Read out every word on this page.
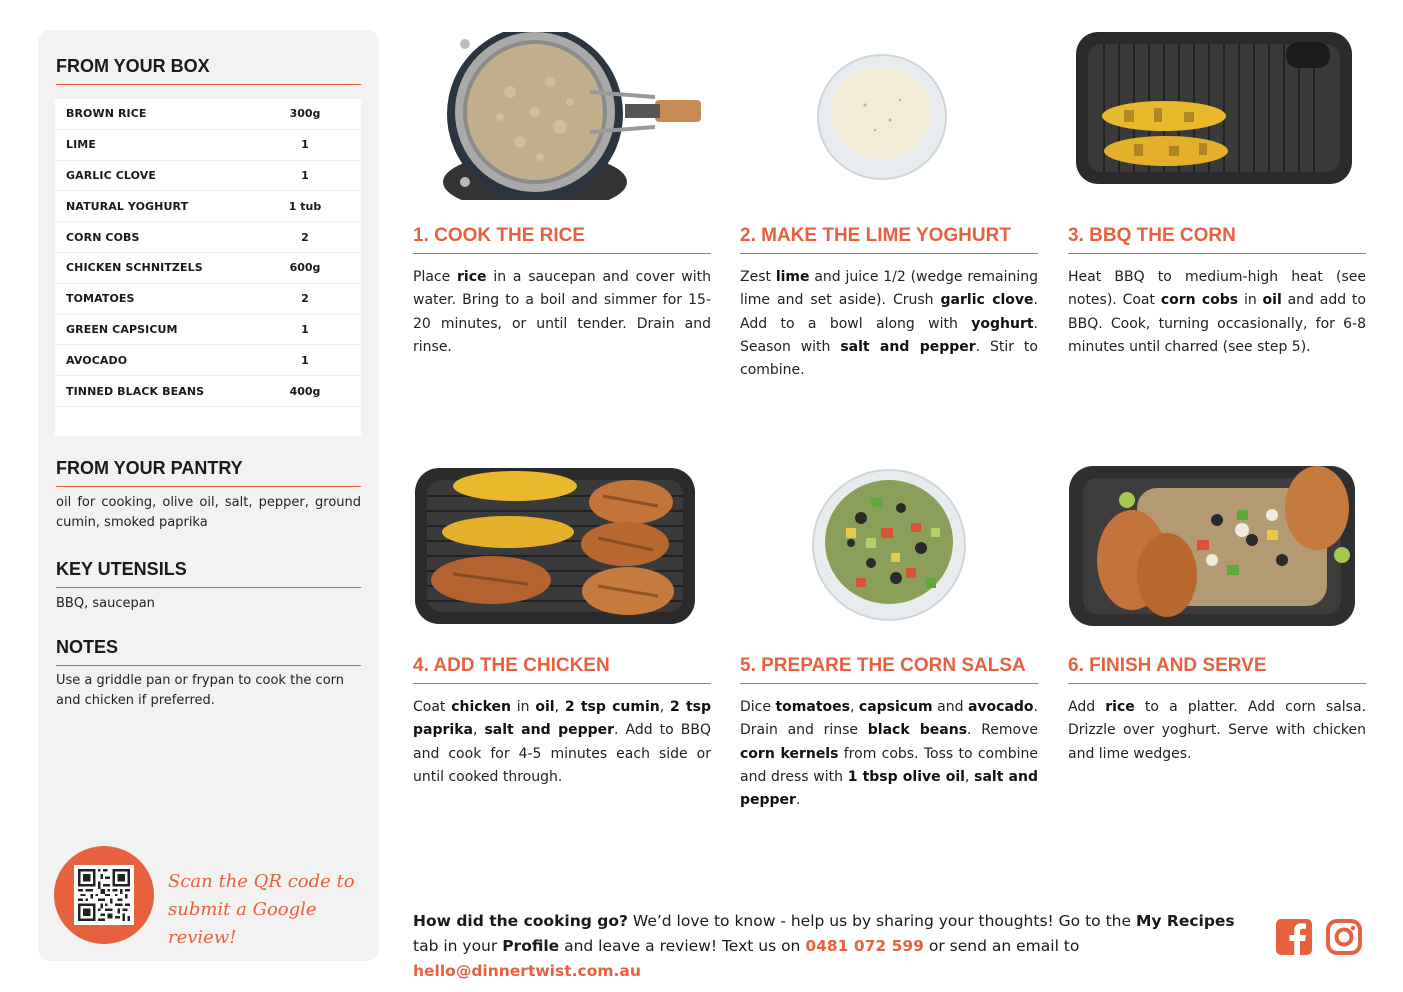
FROM YOUR BOX
BROWN RICE	300g
LIME	1
GARLIC CLOVE	1
NATURAL YOGHURT	1 tub
CORN COBS	2
CHICKEN SCHNITZELS	600g
TOMATOES	2
GREEN CAPSICUM	1
AVOCADO	1
TINNED BLACK BEANS	400g
FROM YOUR PANTRY
oil for cooking, olive oil, salt, pepper, ground cumin, smoked paprika
KEY UTENSILS
BBQ, saucepan
NOTES
Use a griddle pan or frypan to cook the corn and chicken if preferred.
Scan the QR code to submit a Google review!
1. COOK THE RICE
Place rice in a saucepan and cover with water. Bring to a boil and simmer for 15-20 minutes, or until tender. Drain and rinse.
2. MAKE THE LIME YOGHURT
Zest lime and juice 1/2 (wedge remaining lime and set aside). Crush garlic clove. Add to a bowl along with yoghurt. Season with salt and pepper. Stir to combine.
3. BBQ THE CORN
Heat BBQ to medium-high heat (see notes). Coat corn cobs in oil and add to BBQ. Cook, turning occasionally, for 6-8 minutes until charred (see step 5).
4. ADD THE CHICKEN
Coat chicken in oil, 2 tsp cumin, 2 tsp paprika, salt and pepper. Add to BBQ and cook for 4-5 minutes each side or until cooked through.
5. PREPARE THE CORN SALSA
Dice tomatoes, capsicum and avocado. Drain and rinse black beans. Remove corn kernels from cobs. Toss to combine and dress with 1 tbsp olive oil, salt and pepper.
6. FINISH AND SERVE
Add rice to a platter. Add corn salsa. Drizzle over yoghurt. Serve with chicken and lime wedges.
How did the cooking go? We’d love to know - help us by sharing your thoughts! Go to the My Recipes tab in your Profile and leave a review! Text us on 0481 072 599 or send an email to hello@dinnertwist.com.au
